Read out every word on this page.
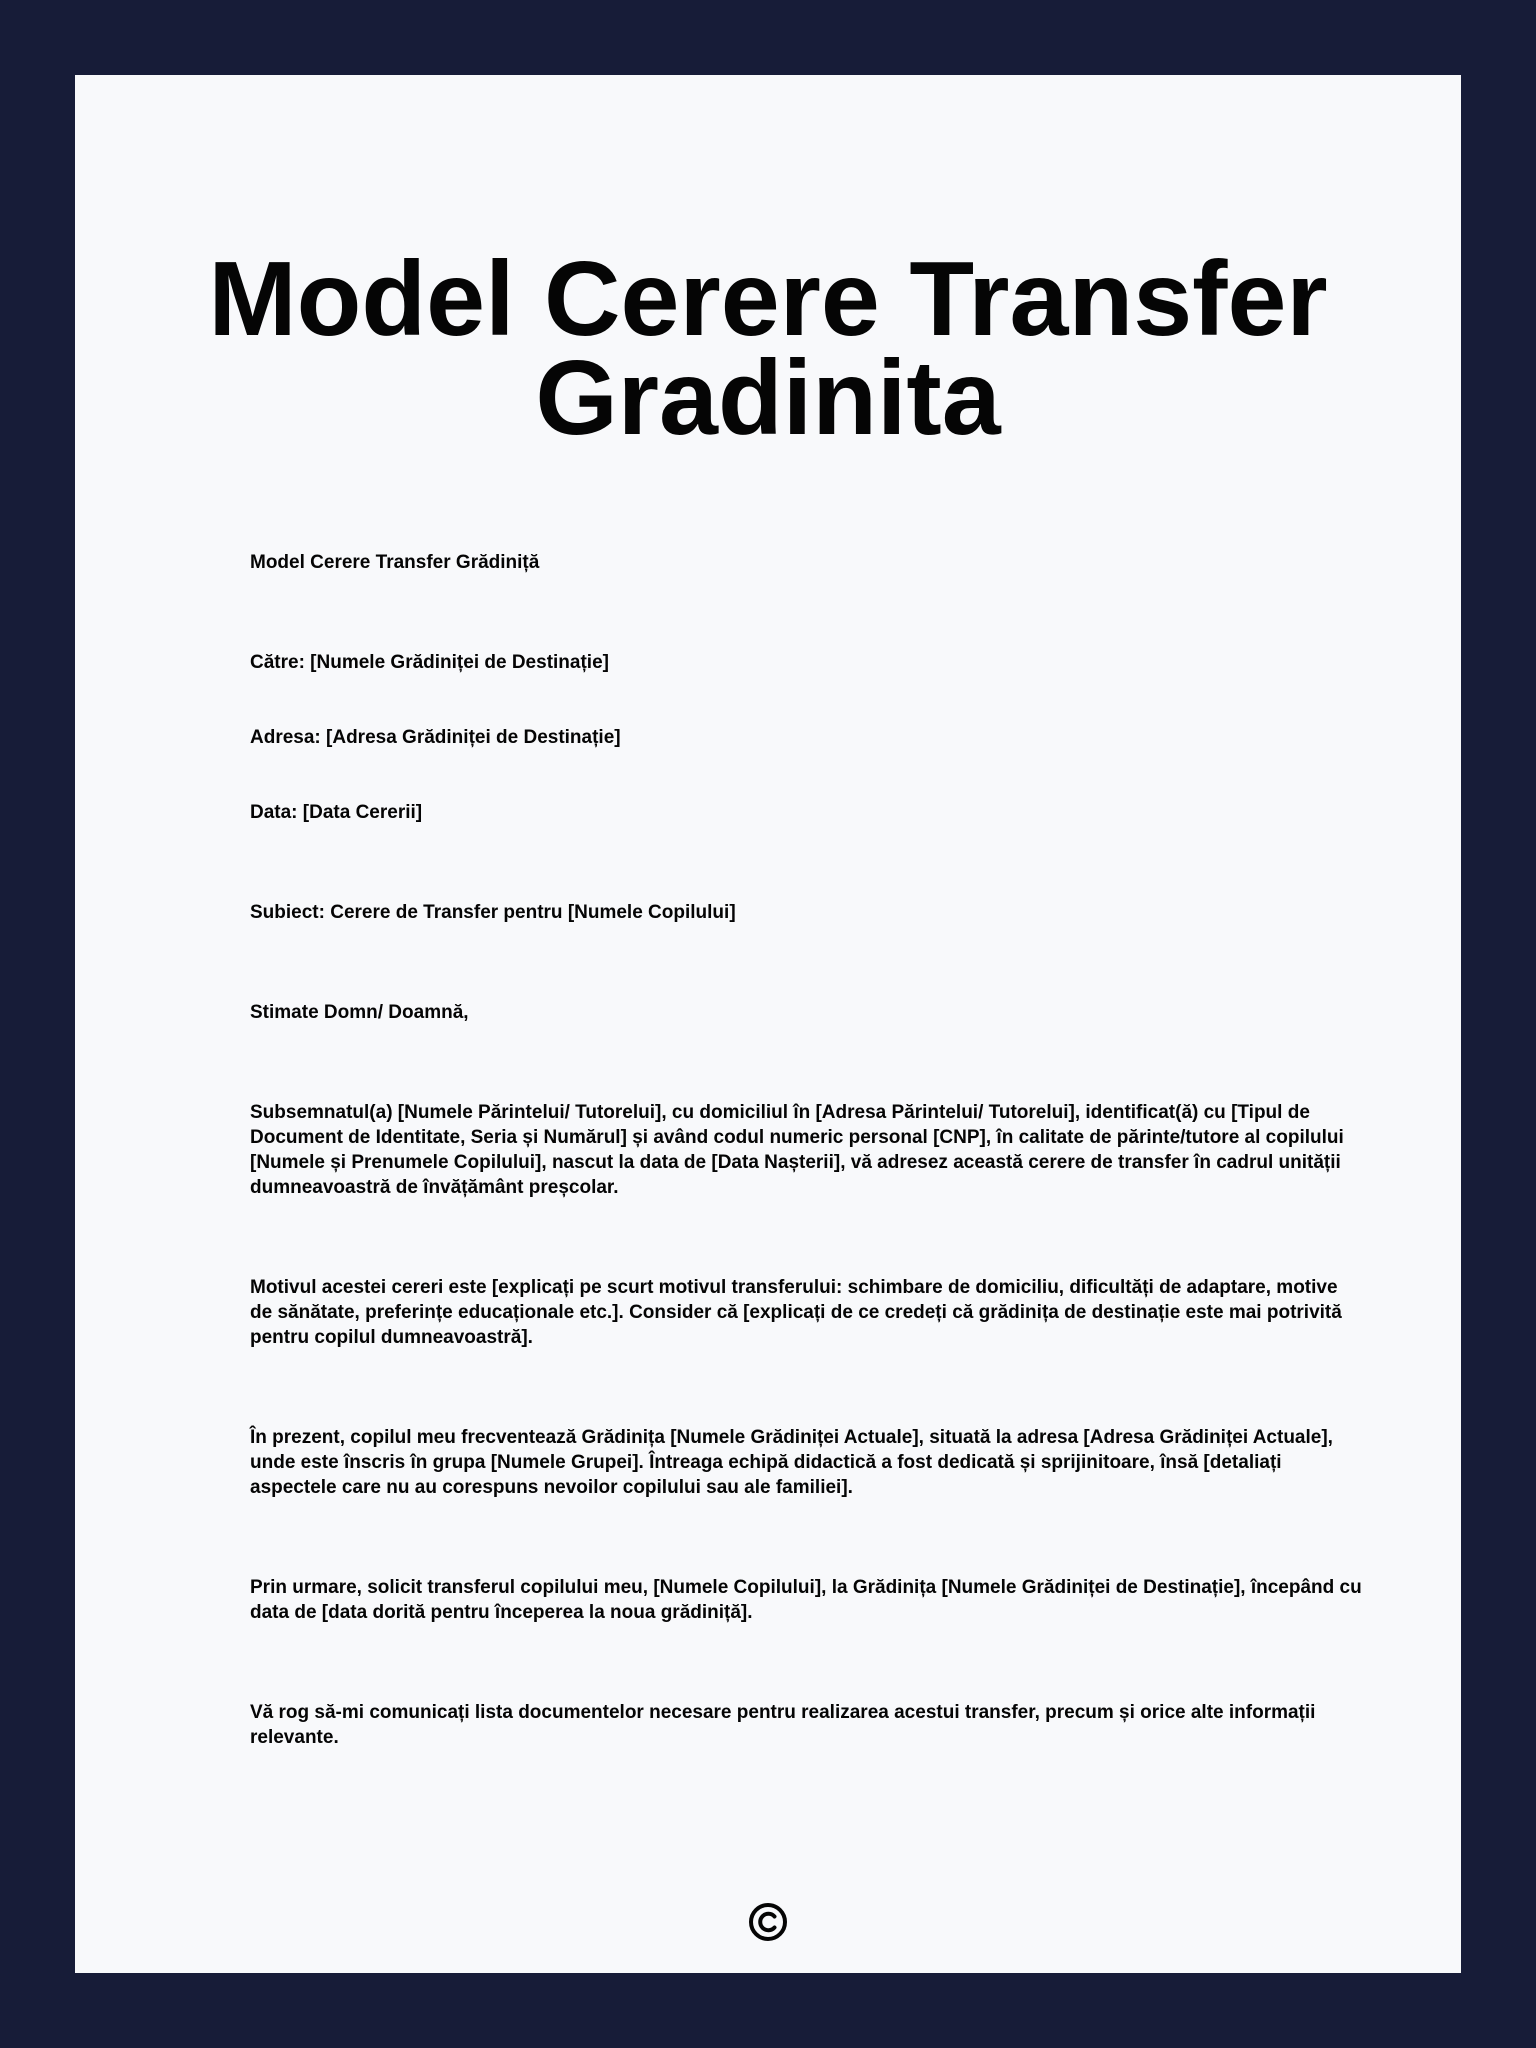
Model Cerere Transfer Gradinita

Model Cerere Transfer Grădiniță

Către: [Numele Grădiniței de Destinație]

Adresa: [Adresa Grădiniței de Destinație]

Data: [Data Cererii]

Subiect: Cerere de Transfer pentru [Numele Copilului]

Stimate Domn/ Doamnă,

Subsemnatul(a) [Numele Părintelui/ Tutorelui], cu domiciliul în [Adresa Părintelui/ Tutorelui], identificat(ă) cu [Tipul de Document de Identitate, Seria și Numărul] și având codul numeric personal [CNP], în calitate de părinte/tutore al copilului [Numele și Prenumele Copilului], nascut la data de [Data Nașterii], vă adresez această cerere de transfer în cadrul unității dumneavoastră de învățământ preșcolar.

Motivul acestei cereri este [explicați pe scurt motivul transferului: schimbare de domiciliu, dificultăți de adaptare, motive de sănătate, preferințe educaționale etc.]. Consider că [explicați de ce credeți că grădinița de destinație este mai potrivită pentru copilul dumneavoastră].

În prezent, copilul meu frecventează Grădinița [Numele Grădiniței Actuale], situată la adresa [Adresa Grădiniței Actuale], unde este înscris în grupa [Numele Grupei]. Întreaga echipă didactică a fost dedicată și sprijinitoare, însă [detaliați aspectele care nu au corespuns nevoilor copilului sau ale familiei].

Prin urmare, solicit transferul copilului meu, [Numele Copilului], la Grădinița [Numele Grădiniței de Destinație], începând cu data de [data dorită pentru începerea la noua grădiniță].

Vă rog să-mi comunicați lista documentelor necesare pentru realizarea acestui transfer, precum și orice alte informații relevante.
